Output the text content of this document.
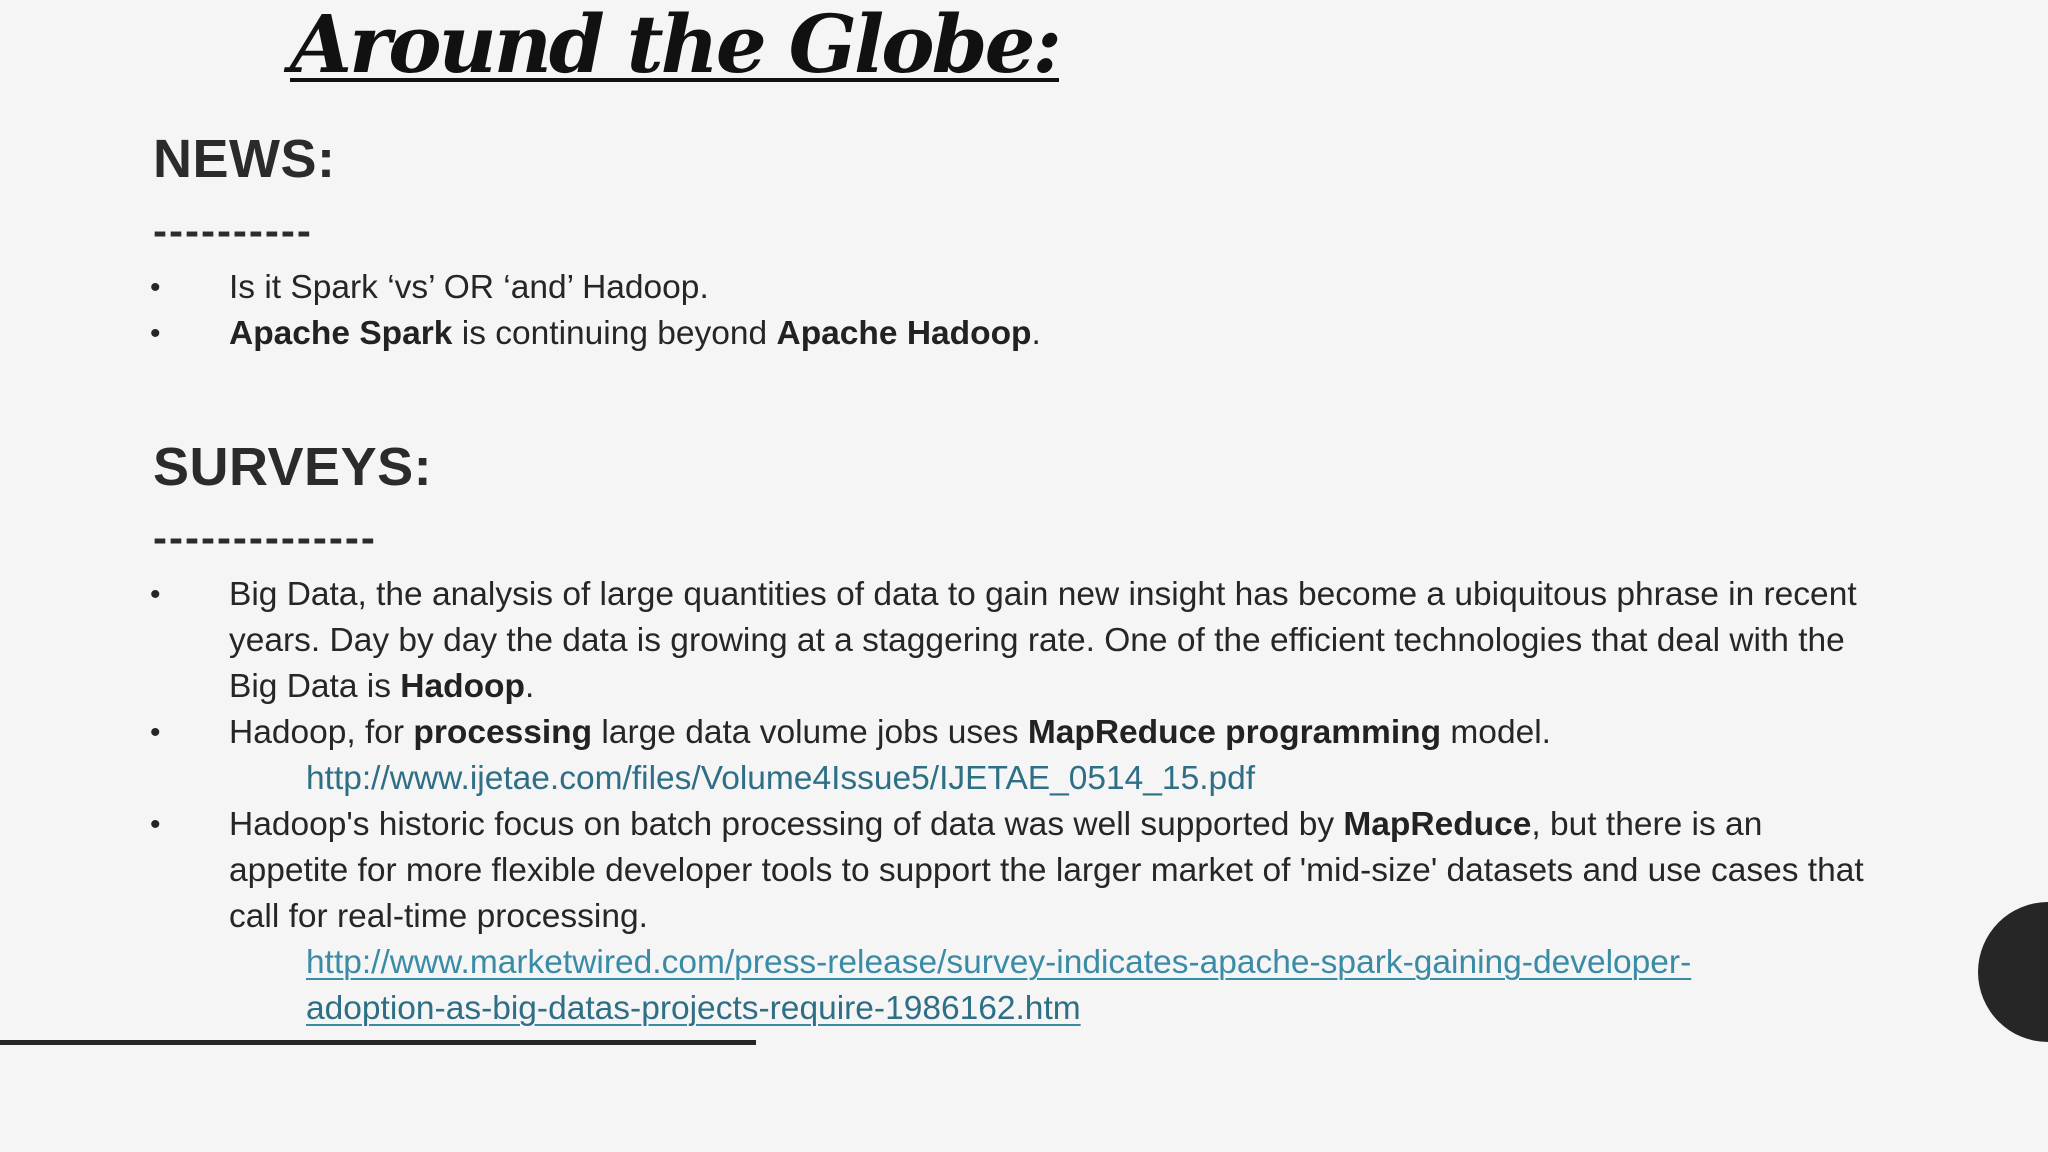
Around the Globe:
NEWS:
----------
• Is it Spark ‘vs’ OR ‘and’ Hadoop.
• Apache Spark is continuing beyond Apache Hadoop.
SURVEYS:
--------------
• Big Data, the analysis of large quantities of data to gain new insight has become a ubiquitous phrase in recent years. Day by day the data is growing at a staggering rate. One of the efficient technologies that deal with the Big Data is Hadoop.
• Hadoop, for processing large data volume jobs uses MapReduce programming model.
http://www.ijetae.com/files/Volume4Issue5/IJETAE_0514_15.pdf
• Hadoop's historic focus on batch processing of data was well supported by MapReduce, but there is an appetite for more flexible developer tools to support the larger market of 'mid-size' datasets and use cases that call for real-time processing.
http://www.marketwired.com/press-release/survey-indicates-apache-spark-gaining-developer-
adoption-as-big-datas-projects-require-1986162.htm
